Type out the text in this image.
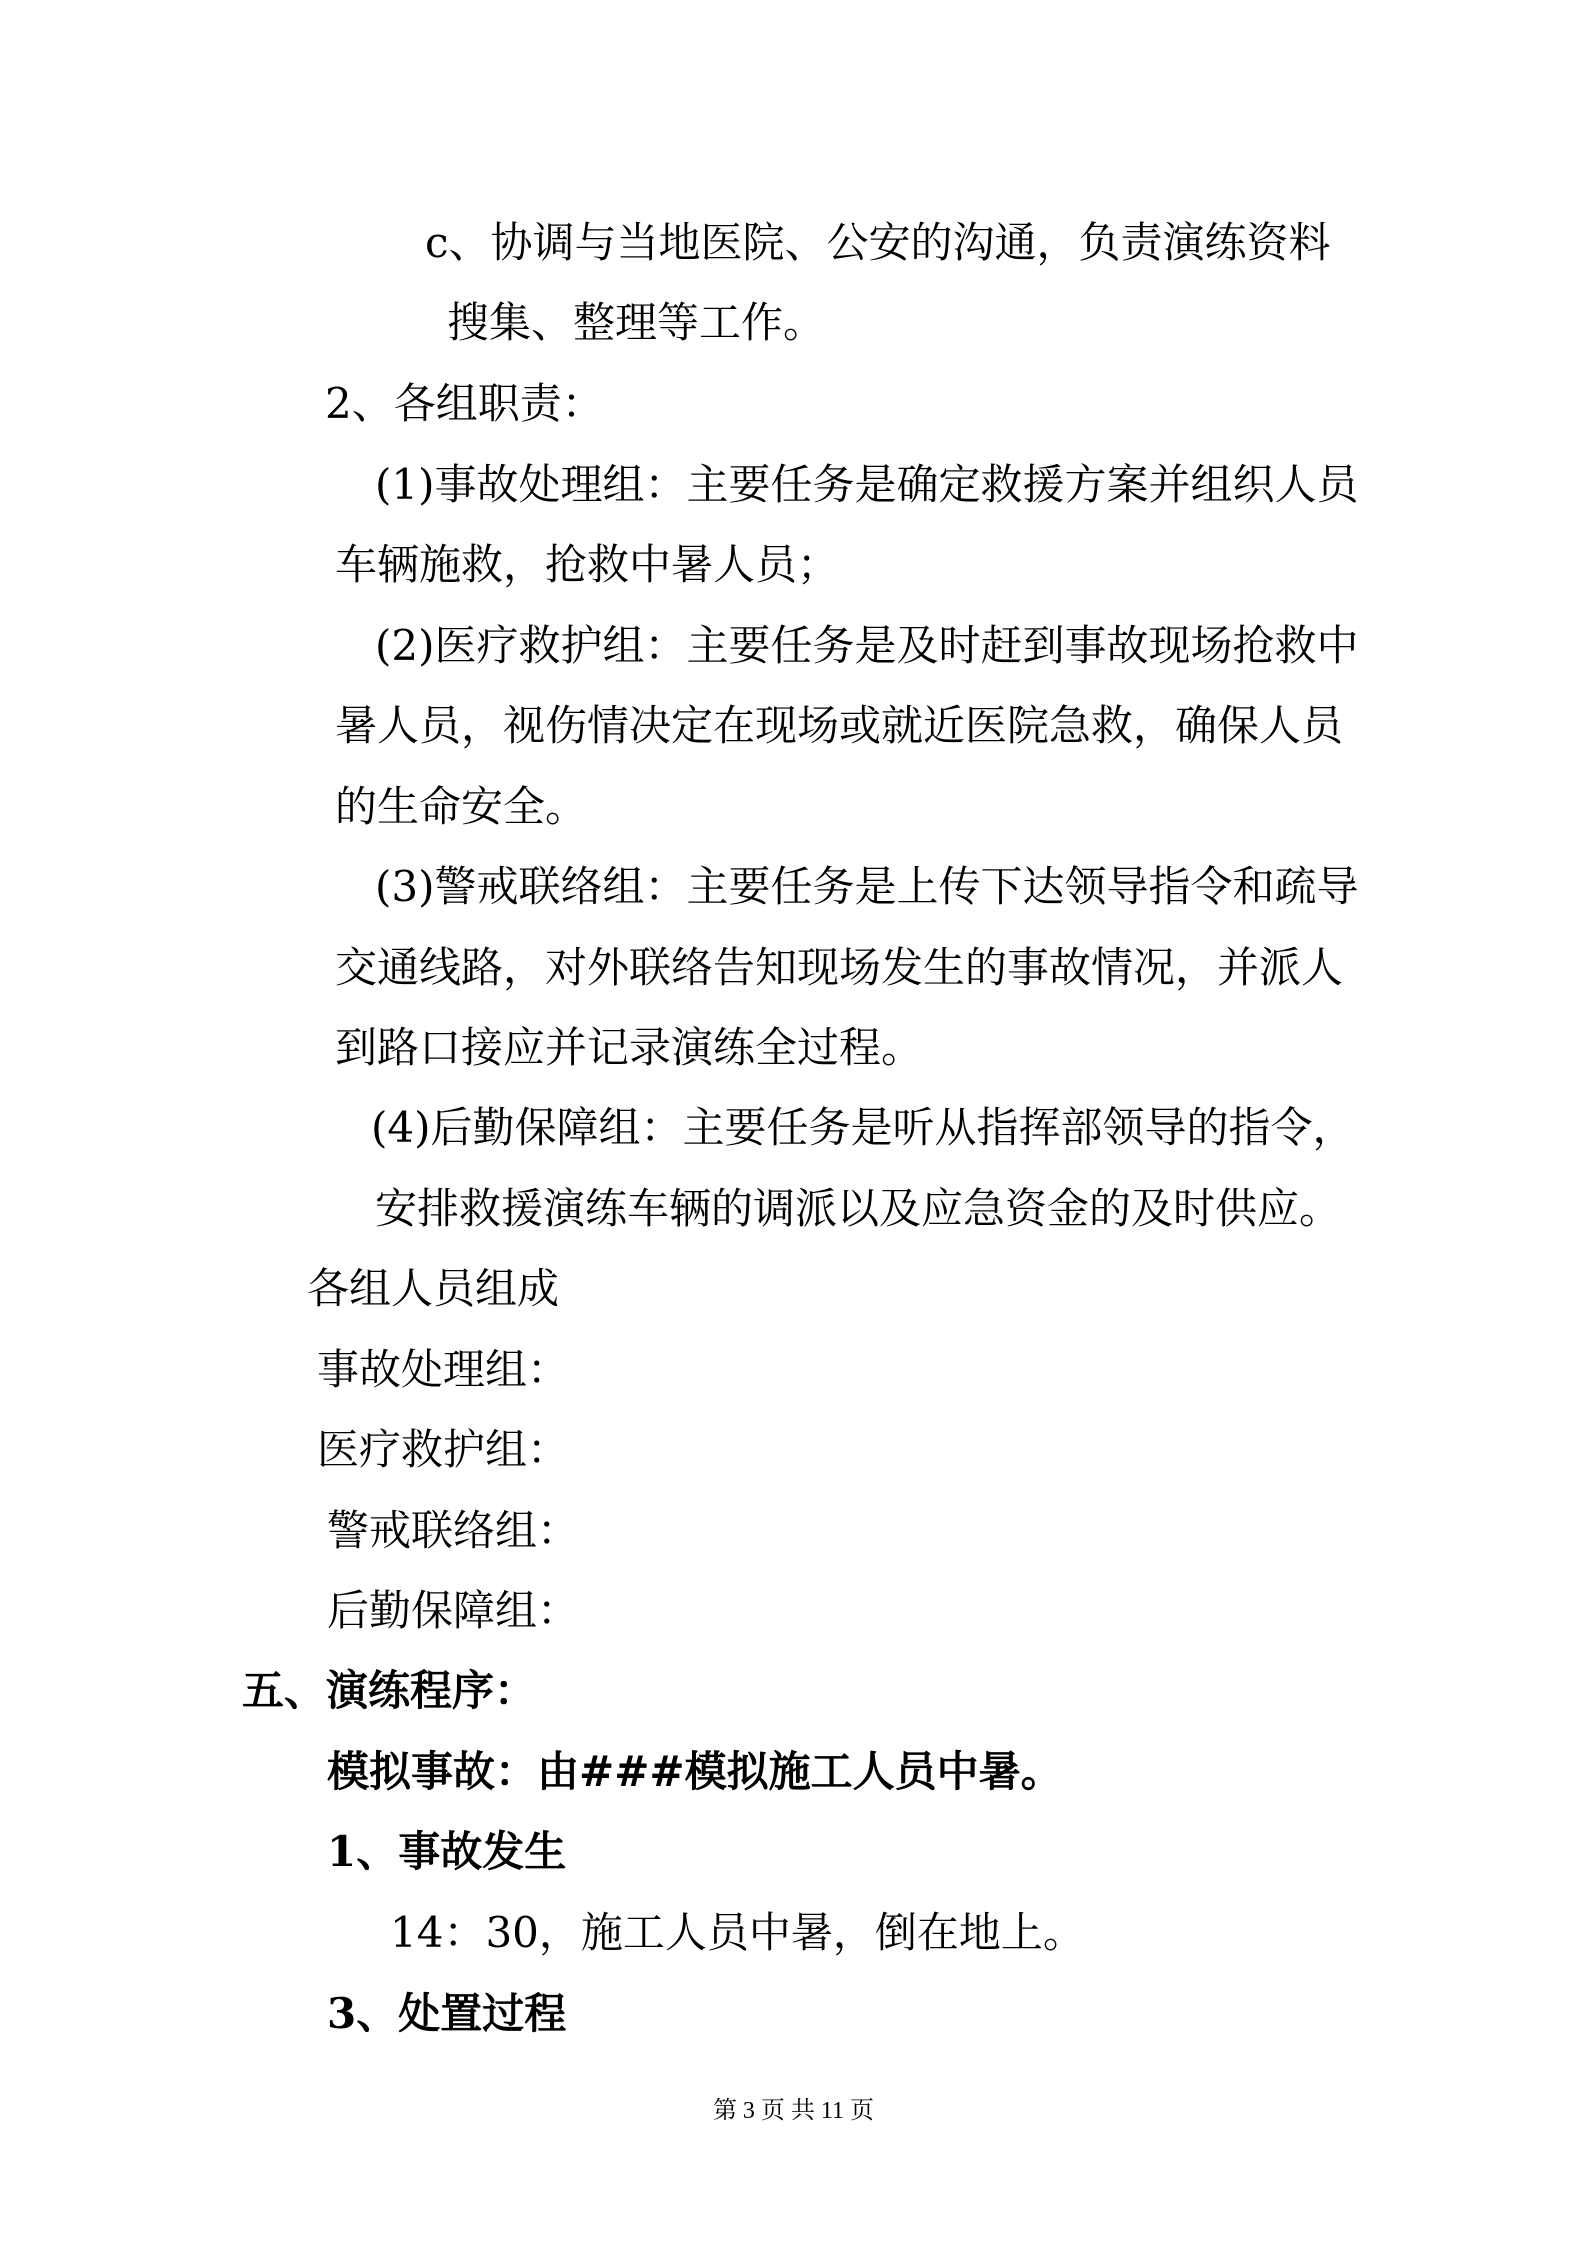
c、协调与当地医院、公安的沟通，负责演练资料

搜集、整理等工作。

2、各组职责：

(1)事故处理组：主要任务是确定救援方案并组织人员

车辆施救，抢救中暑人员；

(2)医疗救护组：主要任务是及时赶到事故现场抢救中

暑人员，视伤情决定在现场或就近医院急救，确保人员

的生命安全。

(3)警戒联络组：主要任务是上传下达领导指令和疏导

交通线路，对外联络告知现场发生的事故情况，并派人

到路口接应并记录演练全过程。

(4)后勤保障组：主要任务是听从指挥部领导的指令，

安排救援演练车辆的调派以及应急资金的及时供应。

各组人员组成

事故处理组：

医疗救护组：

警戒联络组：

后勤保障组：

五、演练程序：

模拟事故：由###模拟施工人员中暑。

1、事故发生

14：30，施工人员中暑，倒在地上。

3、处置过程

第 3 页 共 11 页
